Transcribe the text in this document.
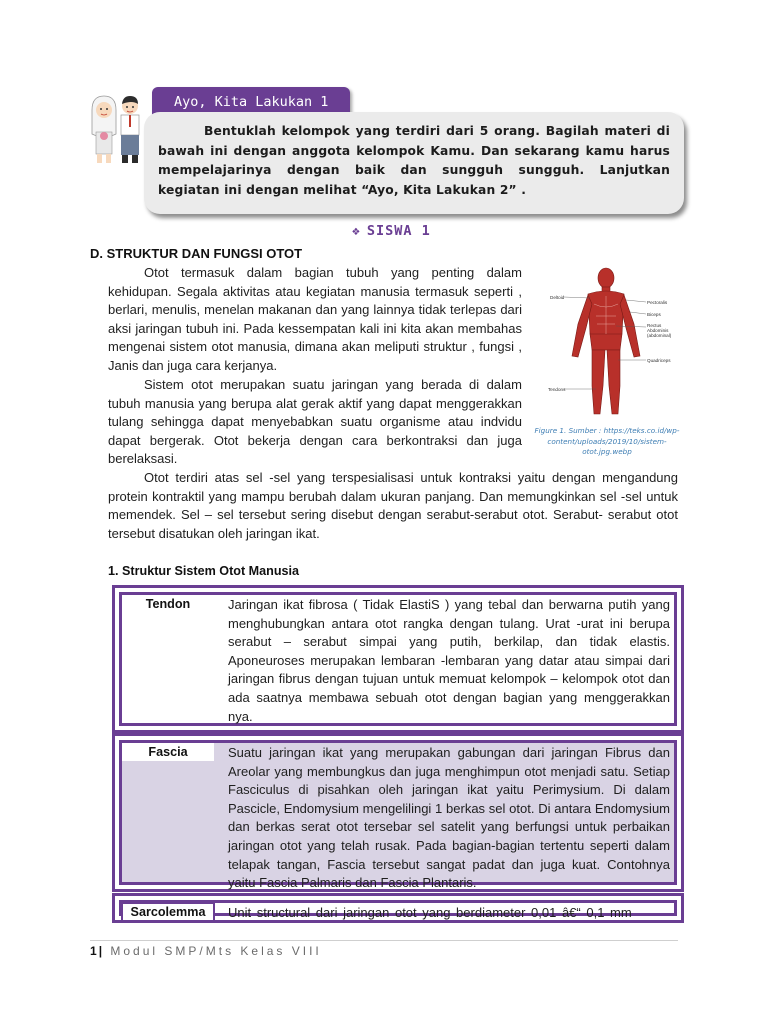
Ayo, Kita Lakukan 1

Bentuklah kelompok yang terdiri dari 5 orang. Bagilah materi di bawah ini dengan anggota kelompok Kamu. Dan sekarang kamu harus mempelajarinya dengan baik dan sungguh sungguh. Lanjutkan kegiatan ini dengan melihat “Ayo, Kita Lakukan 2” .

❖ SISWA 1
D. STRUKTUR DAN FUNGSI OTOT

Otot termasuk dalam bagian tubuh yang penting dalam kehidupan. Segala aktivitas atau kegiatan manusia termasuk seperti , berlari, menulis, menelan makanan dan yang lainnya tidak terlepas dari aksi jaringan tubuh ini. Pada kessempatan kali ini kita akan membahas mengenai sistem otot manusia, dimana akan meliputi struktur , fungsi , Janis dan juga cara kerjanya.

Sistem otot merupakan suatu jaringan yang berada di dalam tubuh manusia yang berupa alat gerak aktif yang dapat menggerakkan tulang sehingga dapat menyebabkan suatu organisme atau indvidu dapat bergerak. Otot bekerja dengan cara berkontraksi dan juga berelaksasi.

Otot terdiri atas sel -sel yang terspesialisasi untuk kontraksi yaitu dengan mengandung protein kontraktil yang mampu berubah dalam ukuran panjang. Dan memungkinkan sel -sel untuk memendek. Sel – sel tersebut sering disebut dengan serabut-serabut otot. Serabut- serabut otot tersebut disatukan oleh jaringan ikat.

Deltoid
Pectoralis
Biceps
Rectus
Abdominis
(abdominal)
Quadriceps
Tendons
Figure 1. Sumber : https://teks.co.id/wp-content/uploads/2019/10/sistem-otot.jpg.webp
1. Struktur Sistem Otot Manusia
Tendon	Jaringan ikat fibrosa ( Tidak ElastiS ) yang tebal dan berwarna putih yang menghubungkan antara otot rangka dengan tulang. Urat -urat ini berupa serabut – serabut simpai yang putih, berkilap, dan tidak elastis. Aponeuroses merupakan lembaran -lembaran yang datar atau simpai dari jaringan fibrus dengan tujuan untuk memuat kelompok – kelompok otot dan ada saatnya membawa sebuah otot dengan bagian yang menggerakkan nya.

Fascia	Suatu jaringan ikat yang merupakan gabungan dari jaringan Fibrus dan Areolar yang membungkus dan juga menghimpun otot menjadi satu. Setiap Fasciculus di pisahkan oleh jaringan ikat yaitu Perimysium. Di dalam Pascicle, Endomysium mengelilingi 1 berkas sel otot. Di antara Endomysium dan berkas serat otot tersebar sel satelit yang berfungsi untuk perbaikan jaringan otot yang telah rusak. Pada bagian-bagian tertentu seperti dalam telapak tangan, Fascia tersebut sangat padat dan juga kuat. Contohnya yaitu Fascia Palmaris dan Fascia Plantaris.

Sarcolemma	Unit structural dari jaringan otot yang berdiameter 0,01 â€“ 0,1 mm

1 | Modul SMP/Mts Kelas VIII
